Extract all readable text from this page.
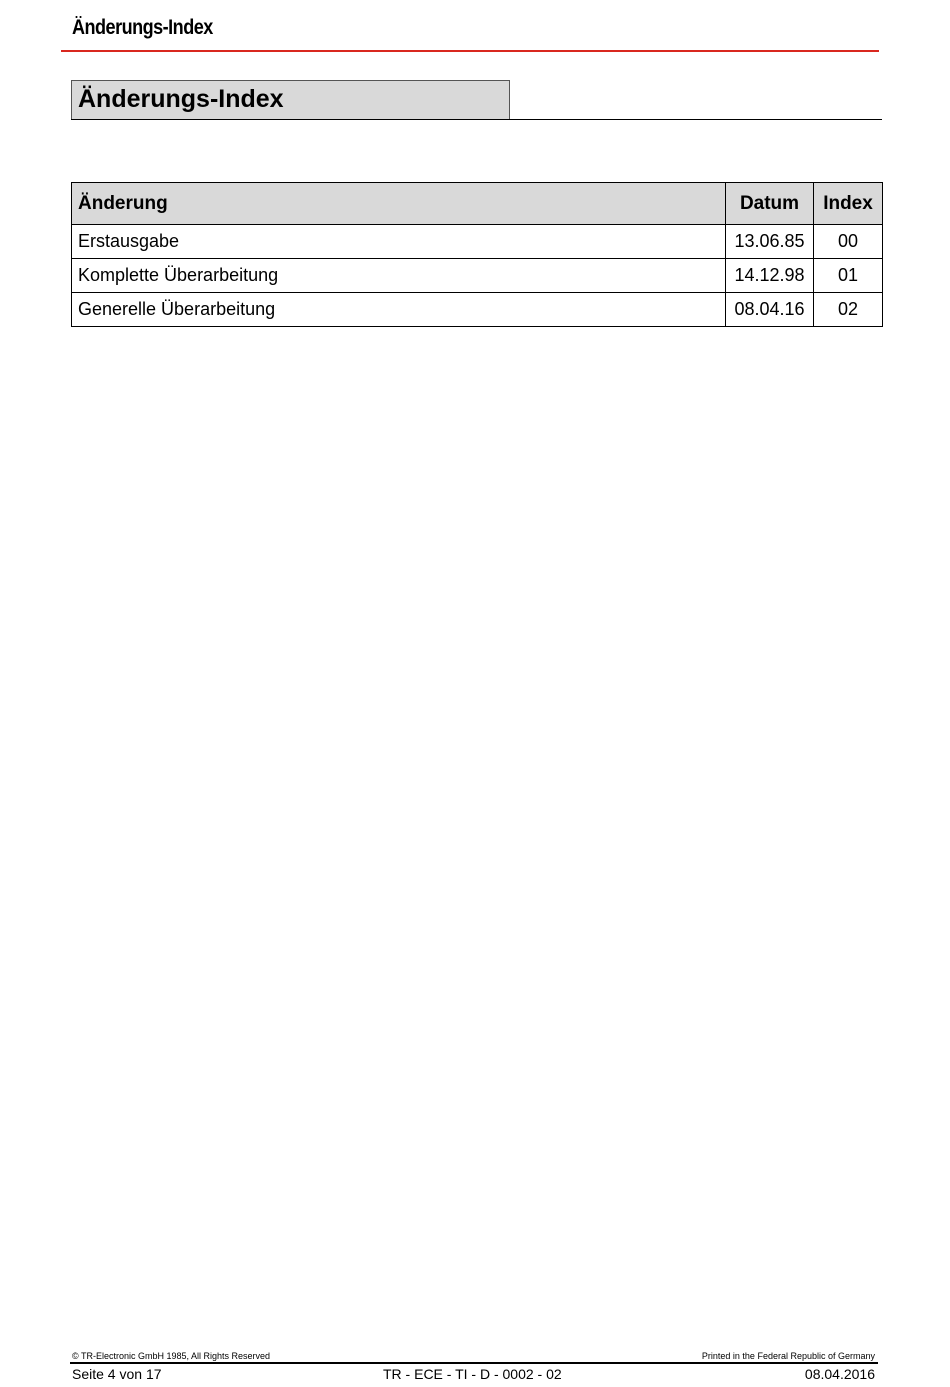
Änderungs-Index
Änderungs-Index
Änderung	Datum	Index
Erstausgabe	13.06.85	00
Komplette Überarbeitung	14.12.98	01
Generelle Überarbeitung	08.04.16	02
© TR-Electronic GmbH 1985, All Rights Reserved	Printed in the Federal Republic of Germany
Seite 4 von 17	TR - ECE - TI - D - 0002 - 02	08.04.2016
